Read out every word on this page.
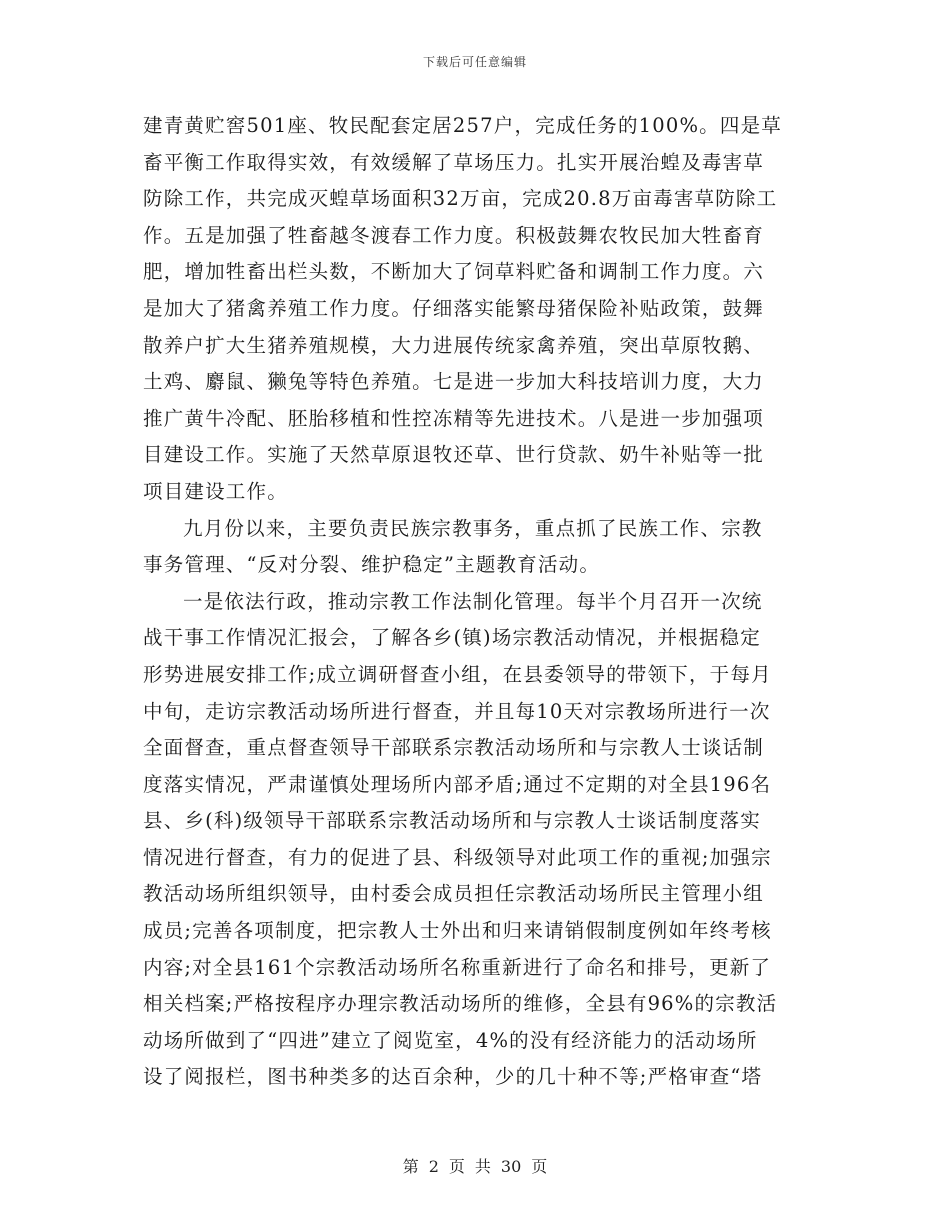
下载后可任意编辑
建青黄贮窖501座、牧民配套定居257户，完成任务的100%。四是草
畜平衡工作取得实效，有效缓解了草场压力。扎实开展治蝗及毒害草
防除工作，共完成灭蝗草场面积32万亩，完成20.8万亩毒害草防除工
作。五是加强了牲畜越冬渡春工作力度。积极鼓舞农牧民加大牲畜育
肥，增加牲畜出栏头数，不断加大了饲草料贮备和调制工作力度。六
是加大了猪禽养殖工作力度。仔细落实能繁母猪保险补贴政策，鼓舞
散养户扩大生猪养殖规模，大力进展传统家禽养殖，突出草原牧鹅、
土鸡、麝鼠、獭兔等特色养殖。七是进一步加大科技培训力度，大力
推广黄牛冷配、胚胎移植和性控冻精等先进技术。八是进一步加强项
目建设工作。实施了天然草原退牧还草、世行贷款、奶牛补贴等一批
项目建设工作。
九月份以来，主要负责民族宗教事务，重点抓了民族工作、宗教
事务管理、“反对分裂、维护稳定”主题教育活动。
一是依法行政，推动宗教工作法制化管理。每半个月召开一次统
战干事工作情况汇报会，了解各乡(镇)场宗教活动情况，并根据稳定
形势进展安排工作;成立调研督查小组，在县委领导的带领下，于每月
中旬，走访宗教活动场所进行督查，并且每10天对宗教场所进行一次
全面督查，重点督查领导干部联系宗教活动场所和与宗教人士谈话制
度落实情况，严肃谨慎处理场所内部矛盾;通过不定期的对全县196名
县、乡(科)级领导干部联系宗教活动场所和与宗教人士谈话制度落实
情况进行督查，有力的促进了县、科级领导对此项工作的重视;加强宗
教活动场所组织领导，由村委会成员担任宗教活动场所民主管理小组
成员;完善各项制度，把宗教人士外出和归来请销假制度例如年终考核
内容;对全县161个宗教活动场所名称重新进行了命名和排号，更新了
相关档案;严格按程序办理宗教活动场所的维修，全县有96%的宗教活
动场所做到了“四进”建立了阅览室，4%的没有经济能力的活动场所
设了阅报栏，图书种类多的达百余种，少的几十种不等;严格审查“塔
第 2 页 共 30 页
